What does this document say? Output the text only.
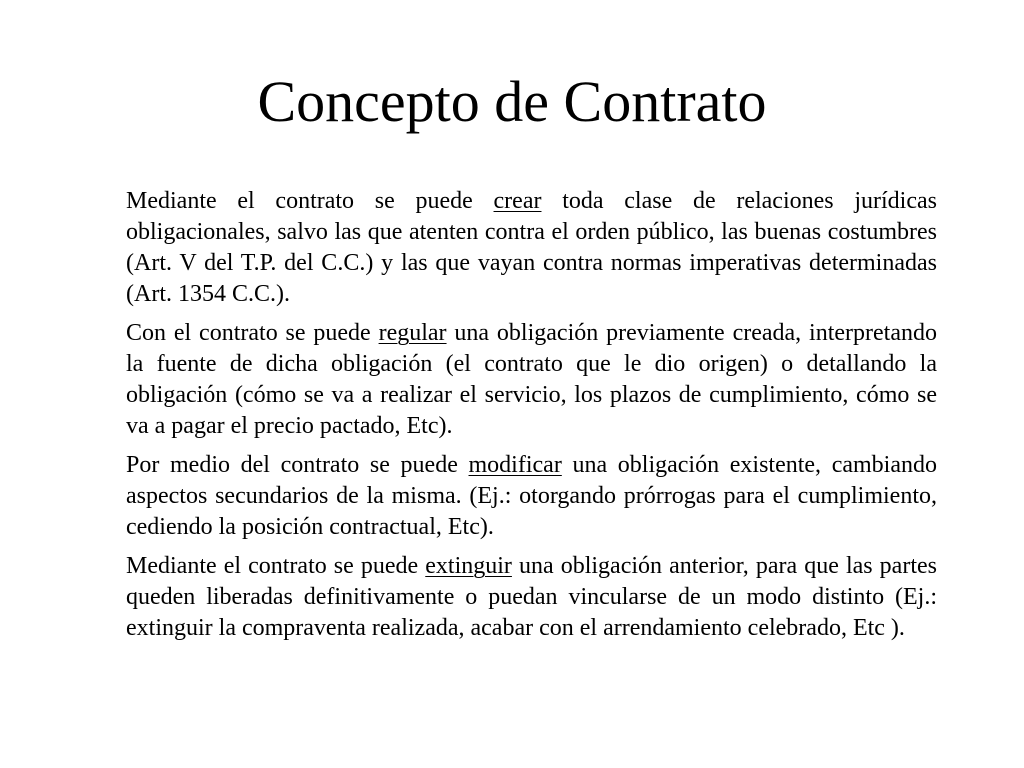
Concepto de Contrato

Mediante el contrato se puede crear toda clase de relaciones jurídicas obligacionales, salvo las que atenten contra el orden público, las buenas costumbres (Art. V del T.P. del C.C.) y las que vayan contra normas imperativas determinadas (Art. 1354 C.C.).

Con el contrato se puede regular una obligación previamente creada, interpretando la fuente de dicha obligación (el contrato que le dio origen) o detallando la obligación (cómo se va a realizar el servicio, los plazos de cumplimiento, cómo se va a pagar el precio pactado, Etc).

Por medio del contrato se puede modificar una obligación existente, cambiando aspectos secundarios de la misma. (Ej.: otorgando prórrogas para el cumplimiento, cediendo la posición contractual, Etc).

Mediante el contrato se puede extinguir una obligación anterior, para que las partes queden liberadas definitivamente o puedan vincularse de un modo distinto (Ej.: extinguir la compraventa realizada, acabar con el arrendamiento celebrado, Etc ).
